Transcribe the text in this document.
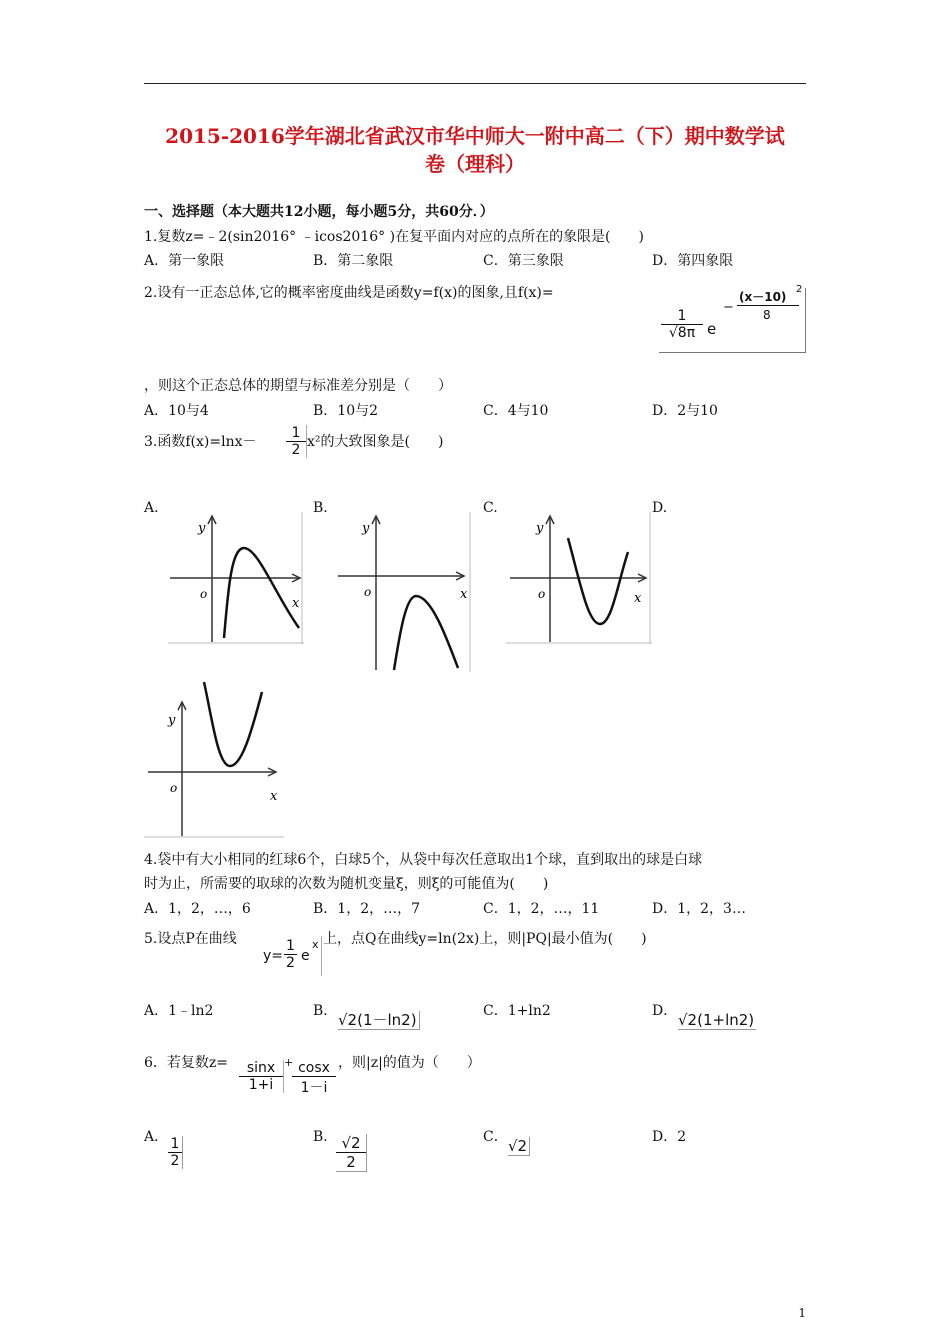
2015-2016学年湖北省武汉市华中师大一附中高二（下）期中数学试
卷（理科）
一、选择题（本大题共12小题，每小题5分，共60分．）
1.复数z=﹣2(sin2016° ﹣icos2016° )在复平面内对应的点所在的象限是(　　)
A．第一象限	B．第二象限	C．第三象限	D．第四象限
2.设有一正态总体,它的概率密度曲线是函数y=f(x)的图象,且f(x)=
$\frac{1}{√8\pi}$ e
−
(x－10)
2
8
，则这个正态总体的期望与标准差分别是（　　）
A．10与4	B．10与2	C．4与10	D．2与10
3.函数$f(x)=\ln x- \frac{1}{2} x^2$的大致图象是(　　)
A.	B.	C.	D.
y
x
o
y
x
o
y
x
o
y
x
o
4.袋中有大小相同的红球6个，白球5个，从袋中每次任意取出1个球，直到取出的球是白球
时为止，所需要的取球的次数为随机变量ξ，则ξ的可能值为(　　)
A．1，2，…，6	B．1，2，…，7	C．1，2，…，11	D．1，2，3…
5.设点P在曲线
$y= \frac{1}{2}$ e
x 上，点Q在曲线y=ln(2x)上，则|PQ|最小值为(　　)
A．1﹣ln2	B． √2(1－ln2)	C．1+ln2	D． √2(1+ln2)
6．若复数$z= \frac{\sin x}{1+i}$ +
$\frac{\cos x}{1-i}$ ，则|z|的值为（　　）
A． $\frac{1}{2}$	B．
$\frac{√2}{2}$	C． √2	D．2
1
